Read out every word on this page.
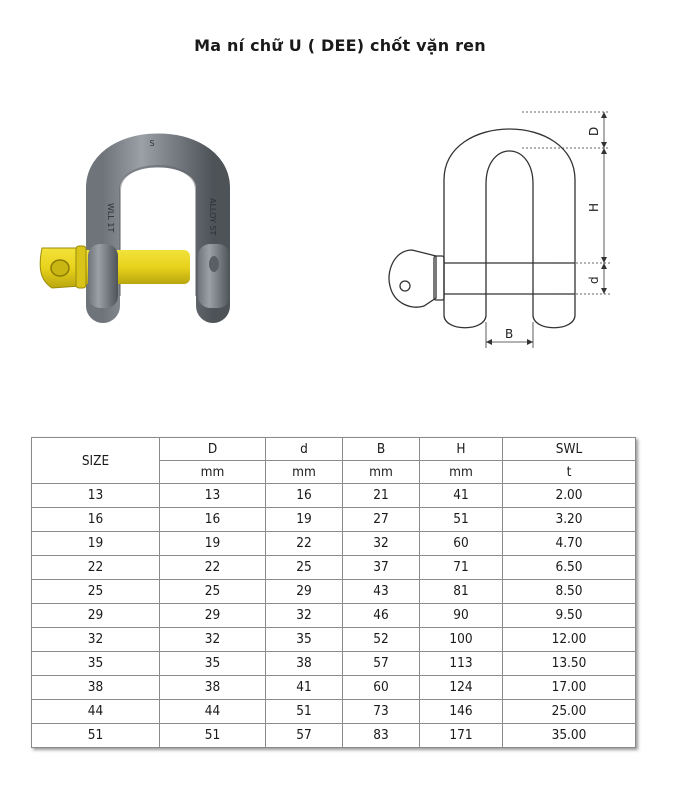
Ma ní chữ U ( DEE) chốt vặn ren
S
WLL 1T	ALLOY 5T
D
H
d
B
SIZE	D	d	B	H	SWL
	mm	mm	mm	mm	t
13	13	16	21	41	2.00
16	16	19	27	51	3.20
19	19	22	32	60	4.70
22	22	25	37	71	6.50
25	25	29	43	81	8.50
29	29	32	46	90	9.50
32	32	35	52	100	12.00
35	35	38	57	113	13.50
38	38	41	60	124	17.00
44	44	51	73	146	25.00
51	51	57	83	171	35.00
